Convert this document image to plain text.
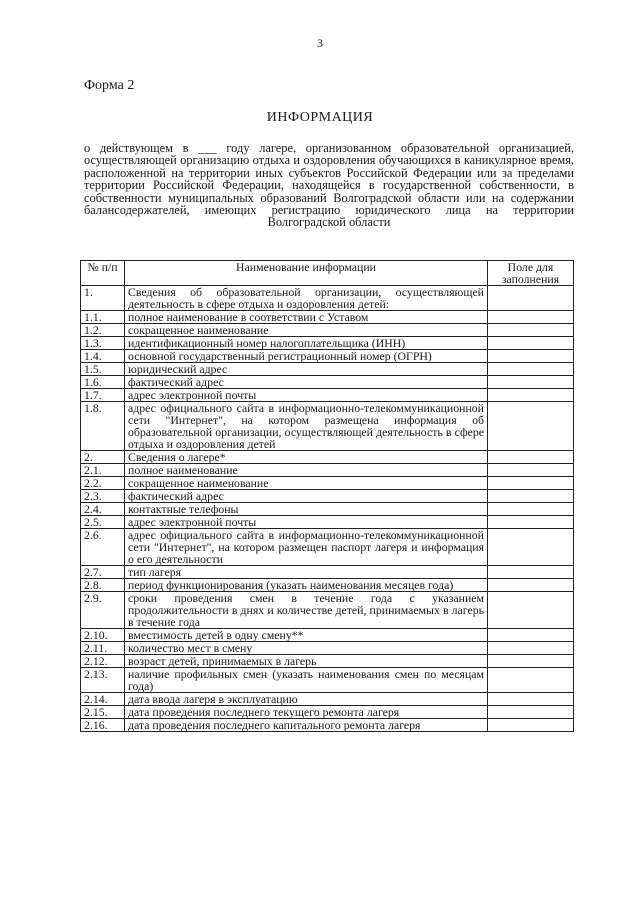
3
Форма 2
ИНФОРМАЦИЯ
о действующем в ___ году лагере, организованном образовательной организацией, осуществляющей организацию отдыха и оздоровления обучающихся в каникулярное время, расположенной на территории иных субъектов Российской Федерации или за пределами территории Российской Федерации, находящейся в государственной собственности, в собственности муниципальных образований Волгоградской области или на содержании балансодержателей, имеющих регистрацию юридического лица на территории Волгоградской области
№ п/п	Наименование информации	Поле для заполнения
1.	Сведения об образовательной организации, осуществляющей деятельность в сфере отдыха и оздоровления детей:	
1.1.	полное наименование в соответствии с Уставом	
1.2.	сокращенное наименование	
1.3.	идентификационный номер налогоплательщика (ИНН)	
1.4.	основной государственный регистрационный номер (ОГРН)	
1.5.	юридический адрес	
1.6.	фактический адрес	
1.7.	адрес электронной почты	
1.8.	адрес официального сайта в информационно-телекоммуникационной сети "Интернет", на котором размещена информация об образовательной организации, осуществляющей деятельность в сфере отдыха и оздоровления детей	
2.	Сведения о лагере*	
2.1.	полное наименование	
2.2.	сокращенное наименование	
2.3.	фактический адрес	
2.4.	контактные телефоны	
2.5.	адрес электронной почты	
2.6.	адрес официального сайта в информационно-телекоммуникационной сети "Интернет", на котором размещен паспорт лагеря и информация о его деятельности	
2.7.	тип лагеря	
2.8.	период функционирования (указать наименования месяцев года)	
2.9.	сроки проведения смен в течение года с указанием продолжительности в днях и количестве детей, принимаемых в лагерь в течение года	
2.10.	вместимость детей в одну смену**	
2.11.	количество мест в смену	
2.12.	возраст детей, принимаемых в лагерь	
2.13.	наличие профильных смен (указать наименования смен по месяцам года)	
2.14.	дата ввода лагеря в эксплуатацию	
2.15.	дата проведения последнего текущего ремонта лагеря	
2.16.	дата проведения последнего капитального ремонта лагеря	
